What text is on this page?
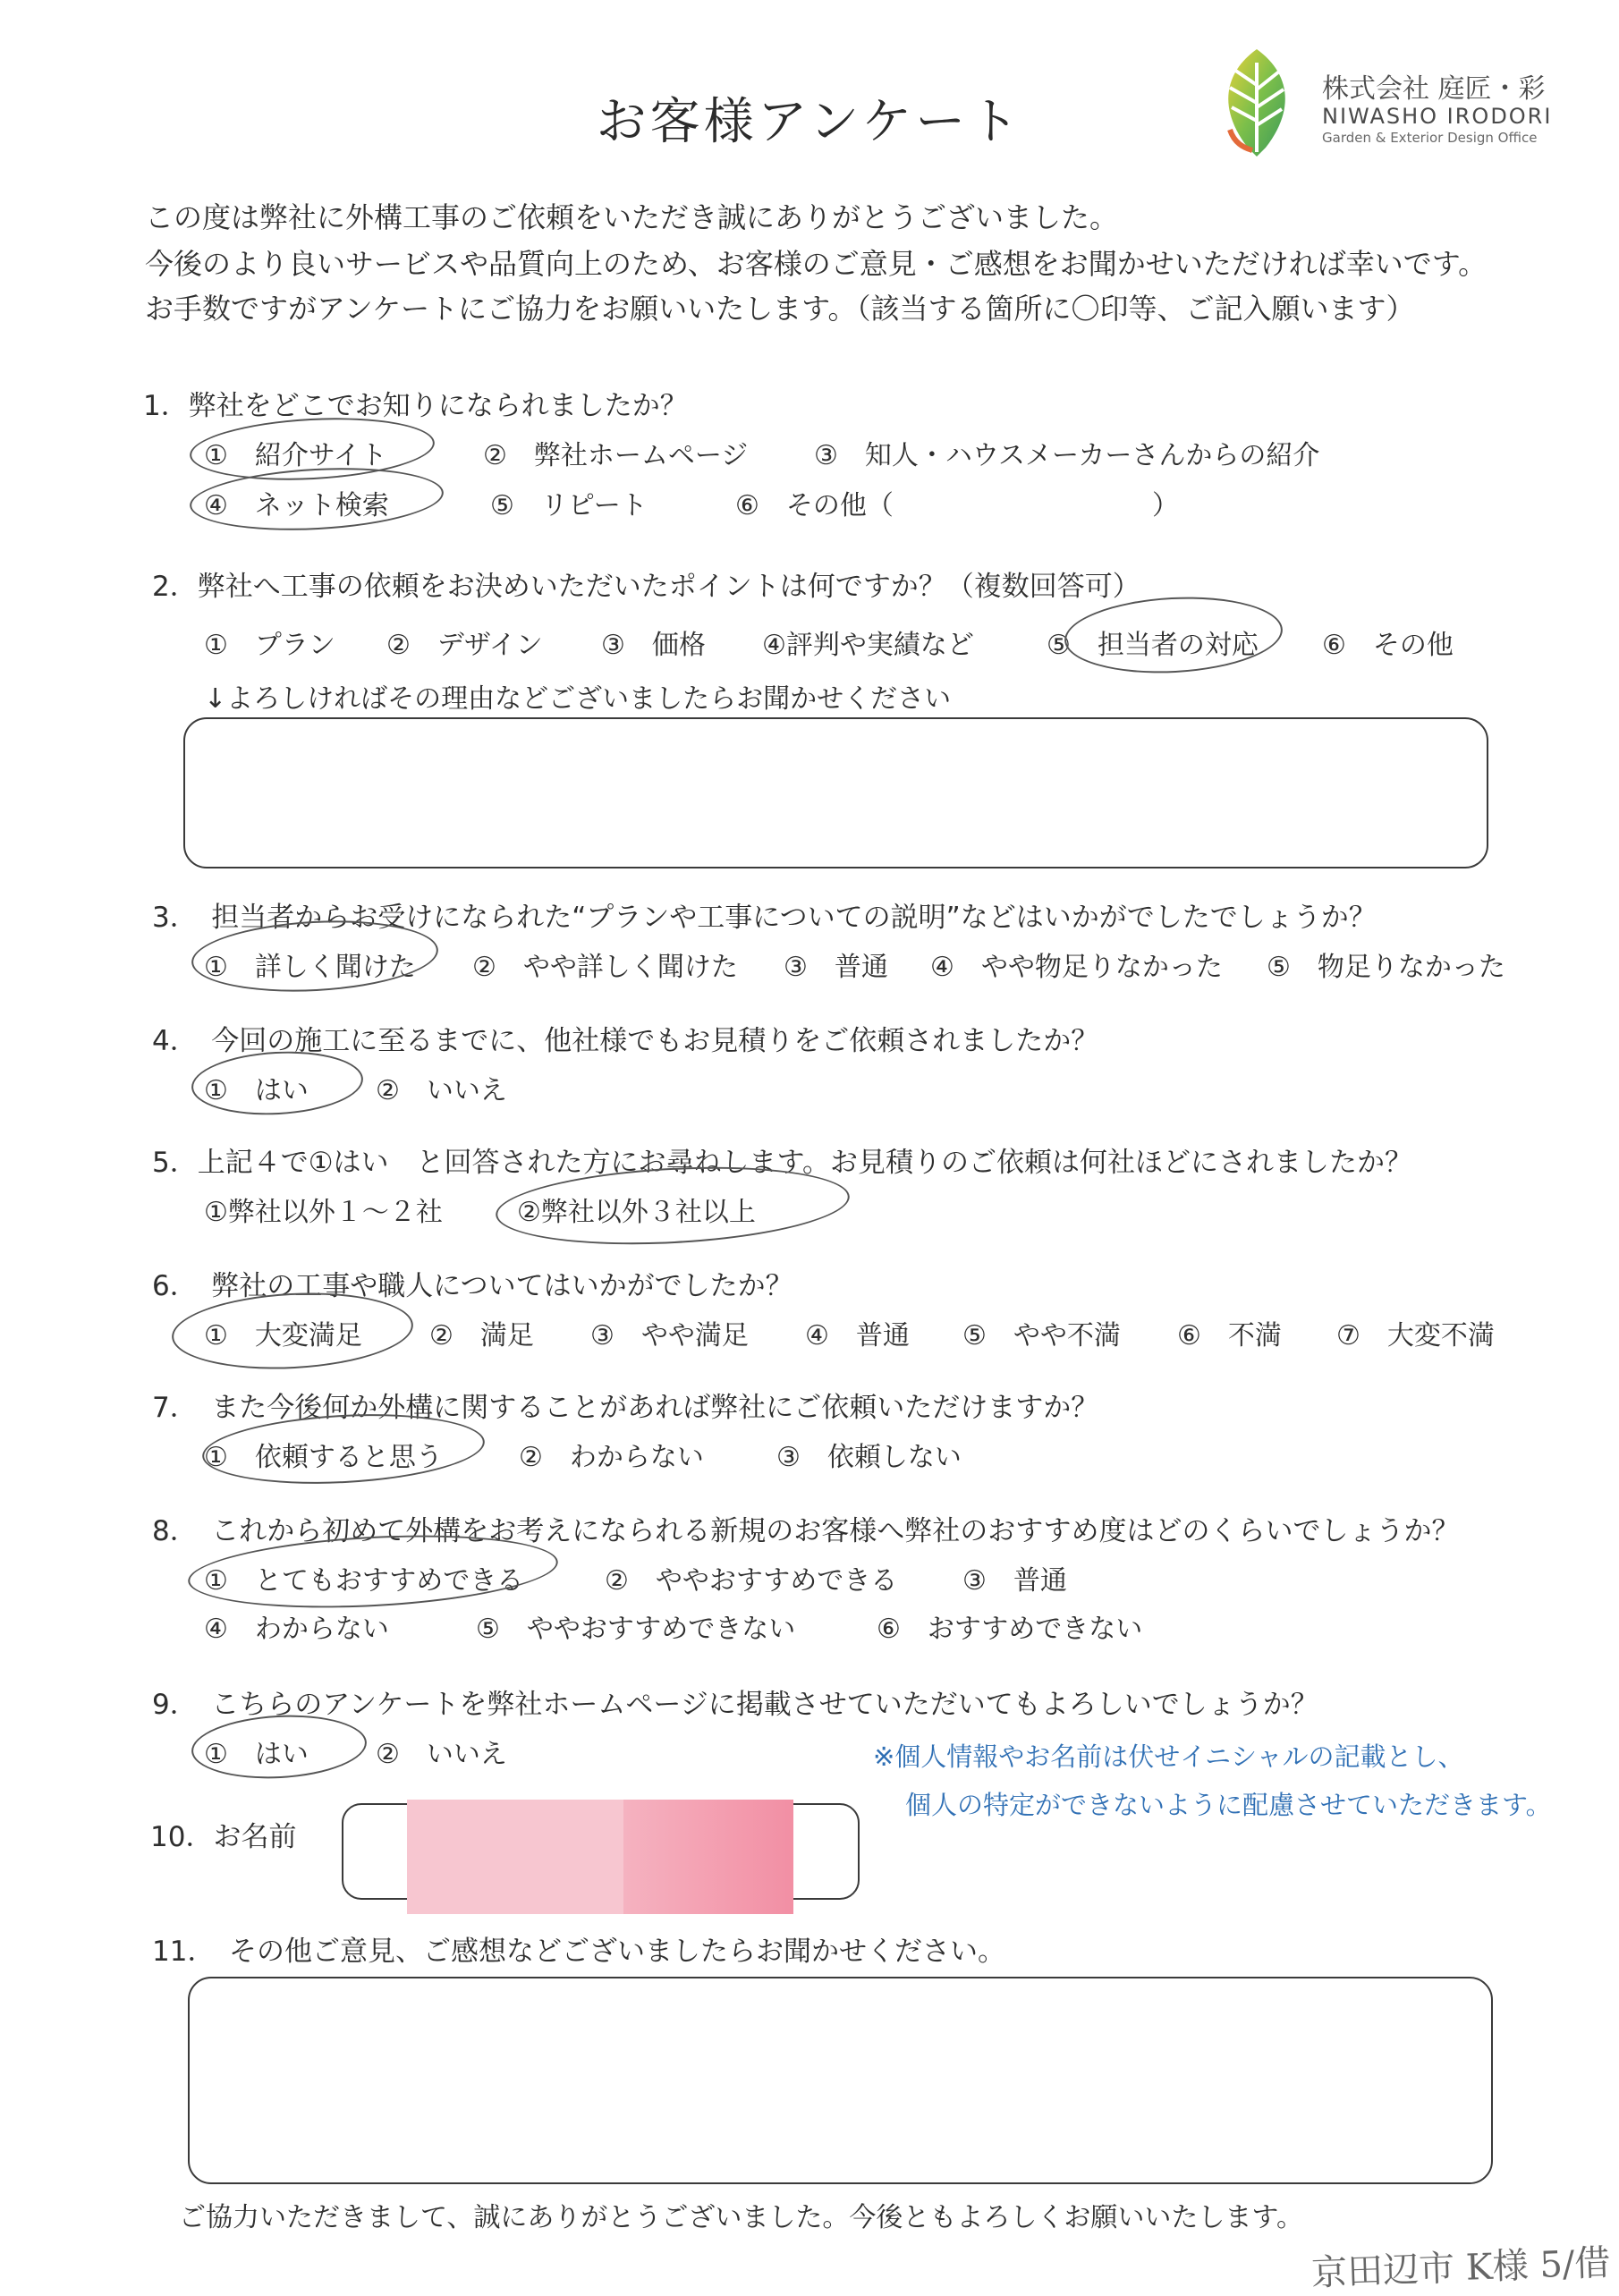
株式会社 庭匠・彩
NIWASHO IRODORI
Garden & Exterior Design Office
お客様アンケート
この度は弊社に外構工事のご依頼をいただき誠にありがとうございました。
今後のより良いサービスや品質向上のため、お客様のご意見・ご感想をお聞かせいただければ幸いです。
お手数ですがアンケートにご協力をお願いいたします。（該当する箇所に〇印等、ご記入願います）
1．弊社をどこでお知りになられましたか？
①　紹介サイト	②　弊社ホームページ ③　知人・ハウスメーカーさんからの紹介
④　ネット検索	⑤　リピート	⑥　その他（	）
2．弊社へ工事の依頼をお決めいただいたポイントは何ですか？（複数回答可）
①　プラン ②　デザイン ③　価格 ④評判や実績など	⑤　担当者の対応 ⑥　その他
↓よろしければその理由などございましたらお聞かせください
3．　担当者からお受けになられた“プランや工事についての説明”などはいかがでしたでしょうか？
①　詳しく聞けた ②　やや詳しく聞けた ③　普通 ④　やや物足りなかった ⑤　物足りなかった
4．　今回の施工に至るまでに、他社様でもお見積りをご依頼されましたか？
①　はい	②　いいえ
5．上記４で①はい　と回答された方にお尋ねします。お見積りのご依頼は何社ほどにされましたか？
①弊社以外１～２社	②弊社以外３社以上
6．　弊社の工事や職人についてはいかがでしたか？
①　大変満足	②　満足 ③　やや満足 ④　普通 ⑤　やや不満 ⑥　不満 ⑦　大変不満
7．　また今後何か外構に関することがあれば弊社にご依頼いただけますか？
①　依頼すると思う	②　わからない	③　依頼しない
8．　これから初めて外構をお考えになられる新規のお客様へ弊社のおすすめ度はどのくらいでしょうか？
①　とてもおすすめできる	②　ややおすすめできる ③　普通
④　わからない	⑤　ややおすすめできない	⑥　おすすめできない
9．　こちらのアンケートを弊社ホームページに掲載させていただいてもよろしいでしょうか？
①　はい	②　いいえ	※個人情報やお名前は伏せイニシャルの記載とし、
個人の特定ができないように配慮させていただきます。
10．お名前
11．　その他ご意見、ご感想などございましたらお聞かせください。
ご協力いただきまして、誠にありがとうございました。今後ともよろしくお願いいたします。
京田辺市 K様 5/借
